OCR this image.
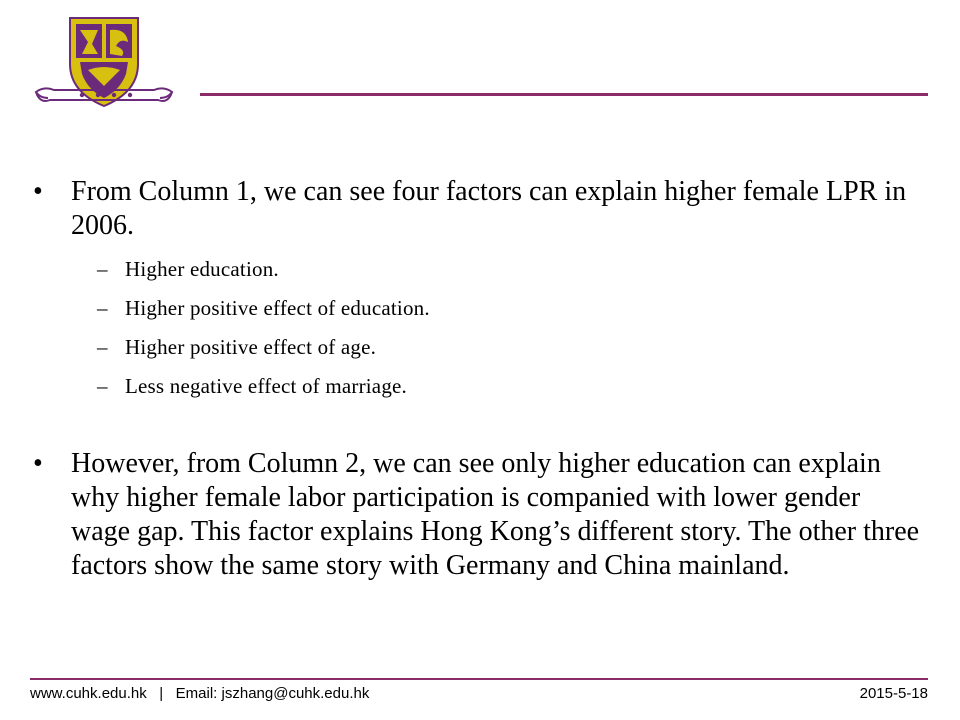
• From Column 1, we can see four factors can explain higher female LPR in 2006.
– Higher education.
– Higher positive effect of education.
– Higher positive effect of age.
– Less negative effect of marriage.
• However, from Column 2, we can see only higher education can explain why higher female labor participation is companied with lower gender wage gap. This factor explains Hong Kong’s different story. The other three factors show the same story with Germany and China mainland.
www.cuhk.edu.hk | Email: jszhang@cuhk.edu.hk	2015-5-18
